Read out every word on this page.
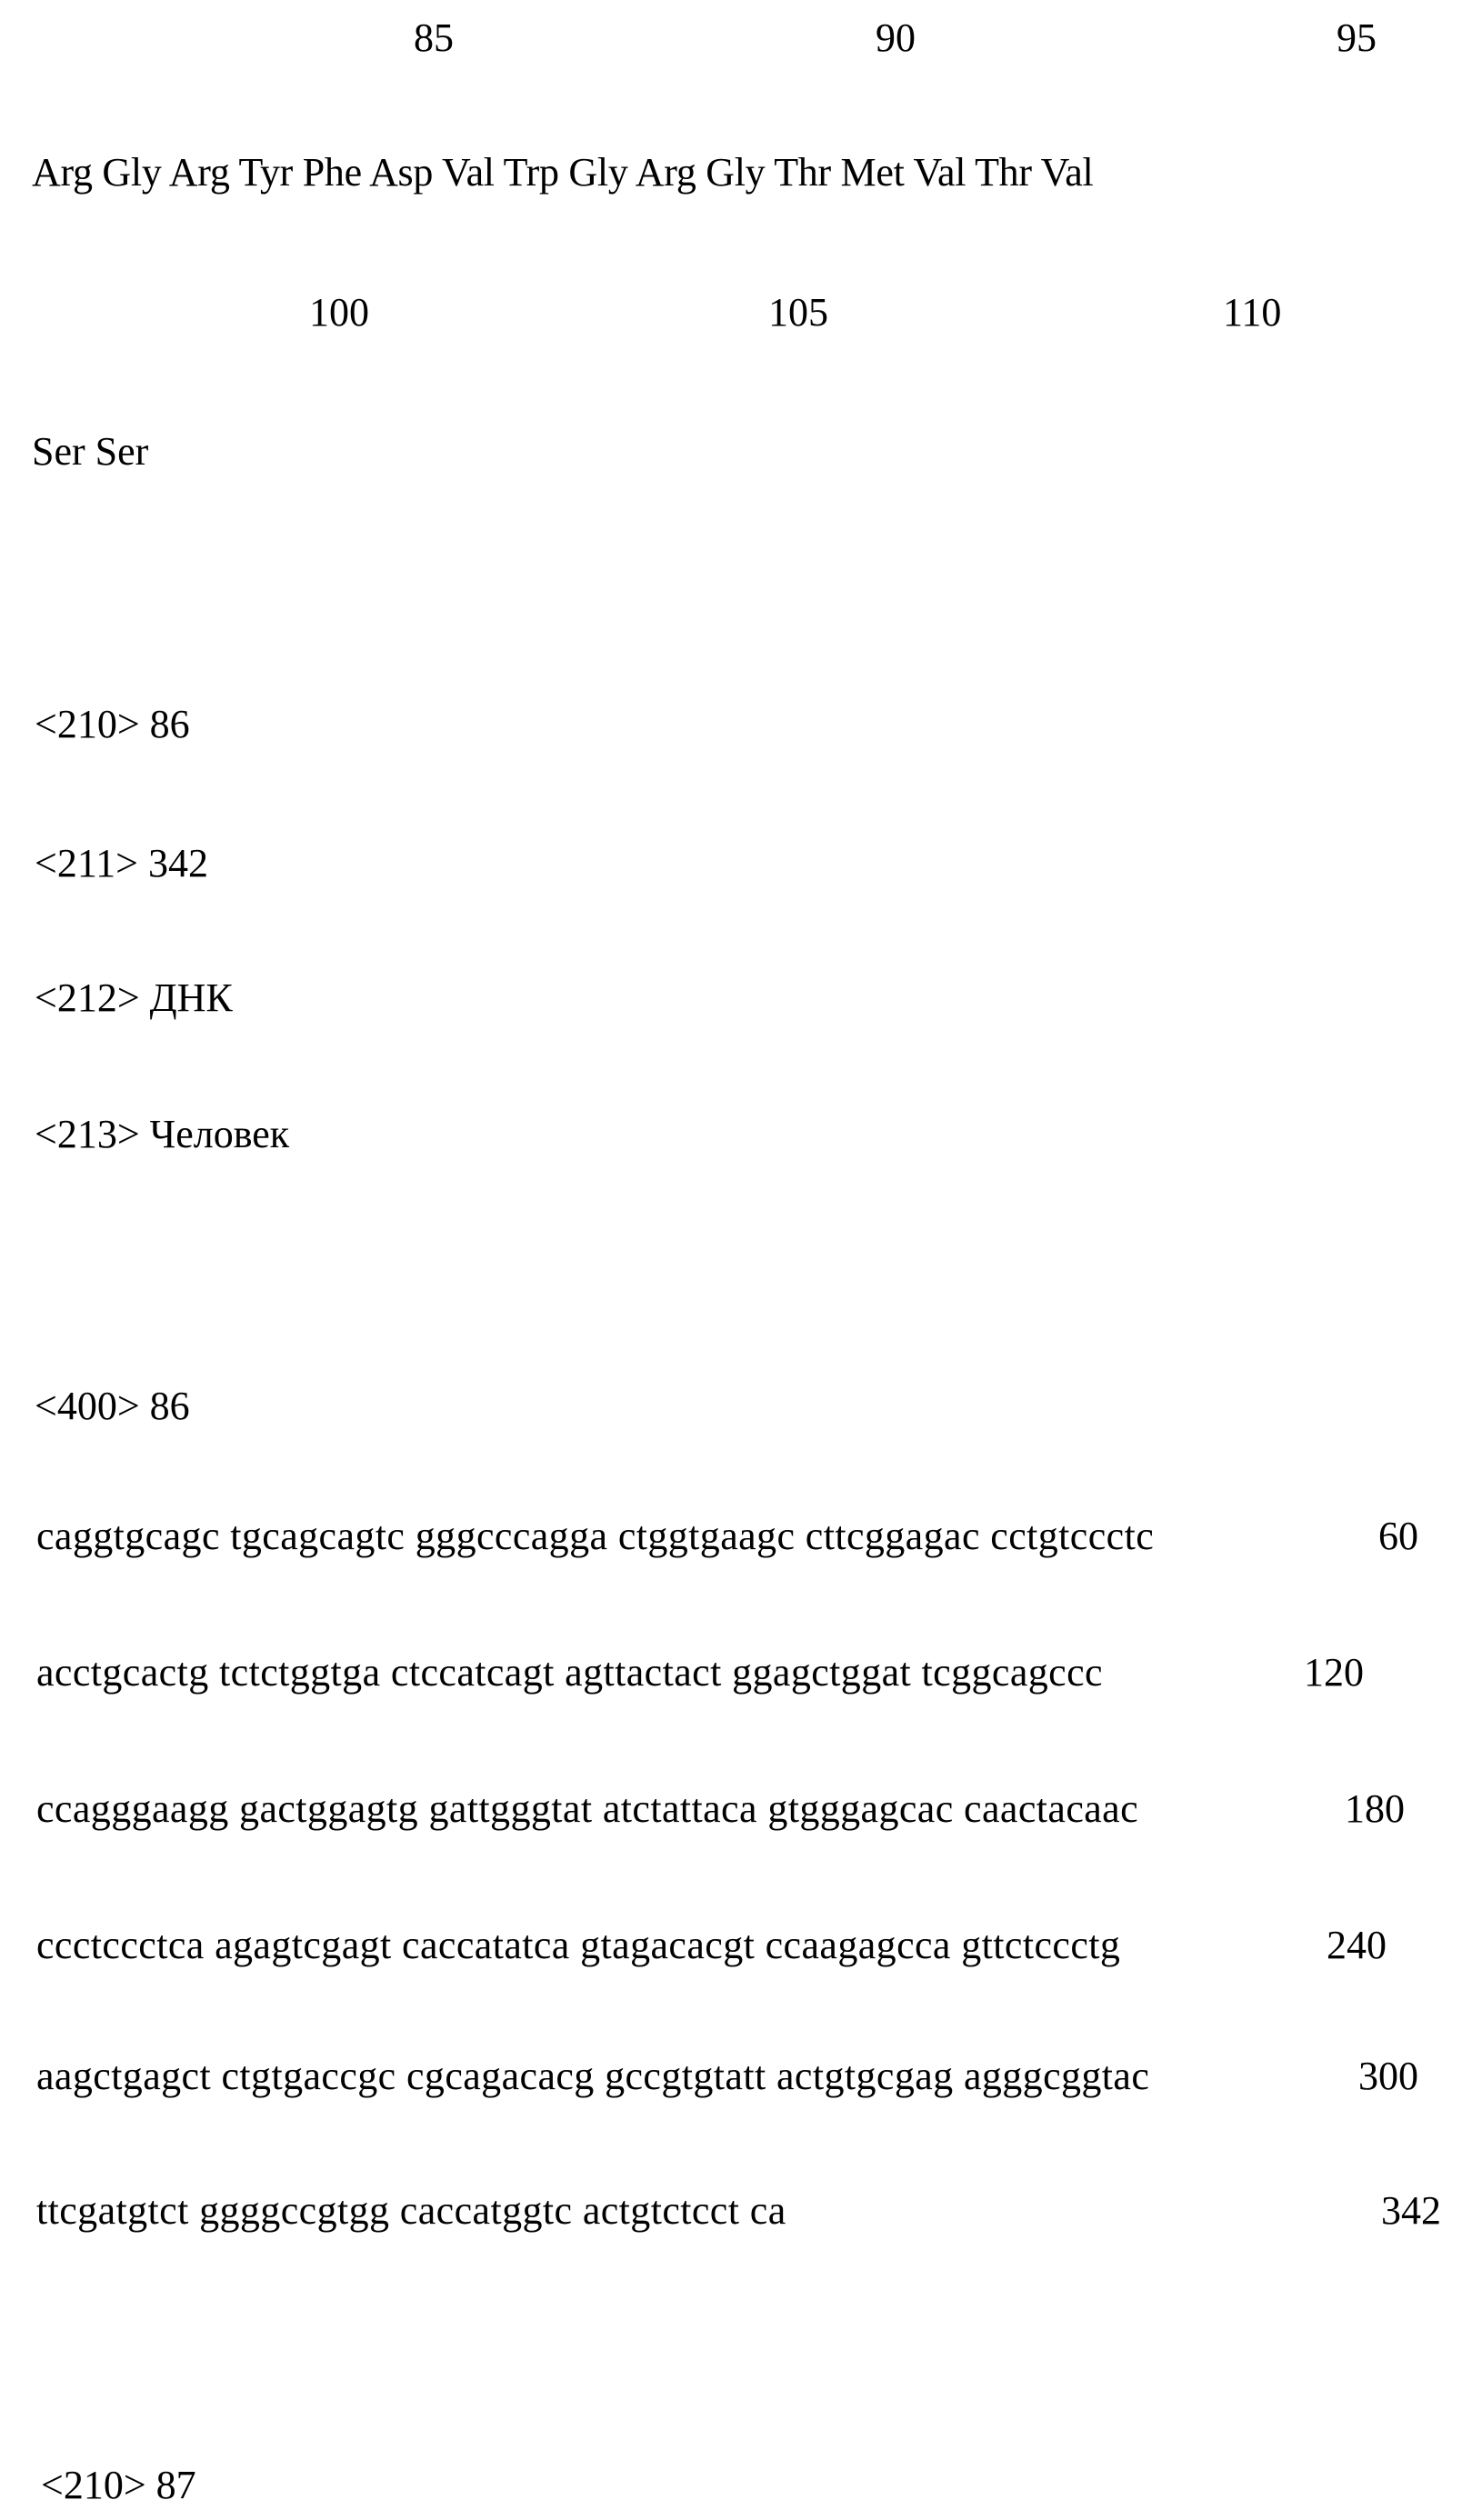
85	90	95
Arg Gly Arg Tyr Phe Asp Val Trp Gly Arg Gly Thr Met Val Thr Val
100	105	110
Ser Ser
<210> 86
<211> 342
<212> ДНК
<213> Человек
<400> 86
caggtgcagc tgcagcagtc gggcccagga ctggtgaagc cttcggagac cctgtccctc	60
acctgcactg tctctggtga ctccatcagt agttactact ggagctggat tcggcagccc	120
ccagggaagg gactggagtg gattgggtat atctattaca gtgggagcac caactacaac	180
ccctccctca agagtcgagt caccatatca gtagacacgt ccaagagcca gttctccctg	240
aagctgagct ctgtgaccgc cgcagacacg gccgtgtatt actgtgcgag agggcggtac	300
ttcgatgtct ggggccgtgg caccatggtc actgtctcct ca	342
<210> 87
